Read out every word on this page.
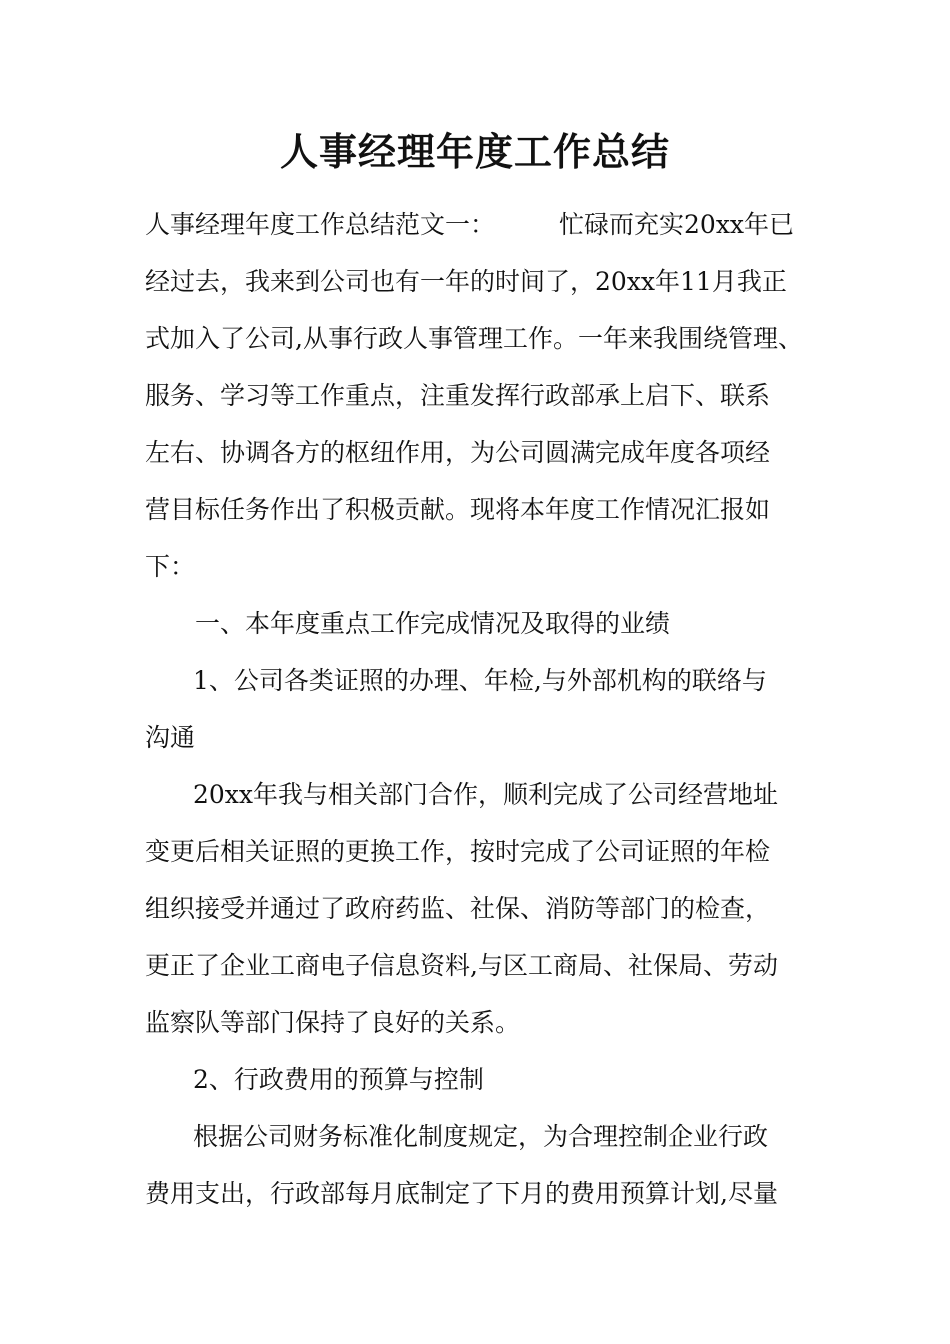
人事经理年度工作总结
人事经理年度工作总结范文一：	忙碌而充实20xx年已
经过去，我来到公司也有一年的时间了，20xx年11月我正
式加入了公司,从事行政人事管理工作。一年来我围绕管理、
服务、学习等工作重点，注重发挥行政部承上启下、联系
左右、协调各方的枢纽作用，为公司圆满完成年度各项经
营目标任务作出了积极贡献。现将本年度工作情况汇报如
下：
一、本年度重点工作完成情况及取得的业绩
1、公司各类证照的办理、年检,与外部机构的联络与
沟通
20xx年我与相关部门合作，顺利完成了公司经营地址
变更后相关证照的更换工作，按时完成了公司证照的年检
组织接受并通过了政府药监、社保、消防等部门的检查，
更正了企业工商电子信息资料,与区工商局、社保局、劳动
监察队等部门保持了良好的关系。
2、行政费用的预算与控制
根据公司财务标准化制度规定，为合理控制企业行政
费用支出，行政部每月底制定了下月的费用预算计划,尽量
